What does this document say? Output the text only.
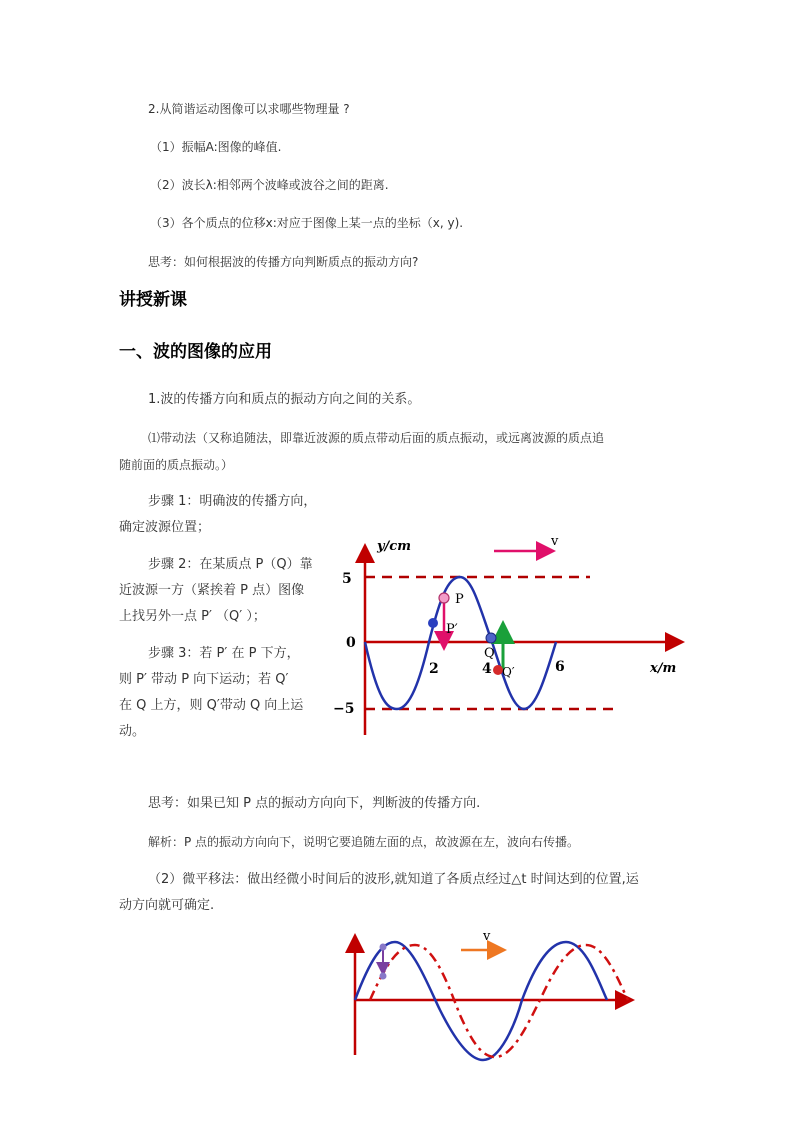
2.从简谐运动图像可以求哪些物理量 ?
（1）振幅A:图像的峰值.
（2）波长λ:相邻两个波峰或波谷之间的距离.
（3）各个质点的位移x:对应于图像上某一点的坐标（x, y).
思考：如何根据波的传播方向判断质点的振动方向?
讲授新课
一、波的图像的应用
1.波的传播方向和质点的振动方向之间的关系。
⑴带动法（又称追随法，即靠近波源的质点带动后面的质点振动，或远离波源的质点追
随前面的质点振动。）
步骤 1：明确波的传播方向，
确定波源位置；
步骤 2：在某质点 P（Q）靠
近波源一方（紧挨着 P 点）图像
上找另外一点 P′ （Q′ ）；
步骤 3：若 P′ 在 P 下方，
则 P′ 带动 P 向下运动；若 Q′
在 Q 上方，则 Q′带动 Q 向上运
动。
y/cm
x/m
5
0
−5
2	4	6
v
P
P′
Q
Q′
思考：如果已知 P 点的振动方向向下，判断波的传播方向.
解析：P 点的振动方向向下，说明它要追随左面的点，故波源在左，波向右传播。
（2）微平移法：做出经微小时间后的波形,就知道了各质点经过△t 时间达到的位置,运
动方向就可确定.
v
